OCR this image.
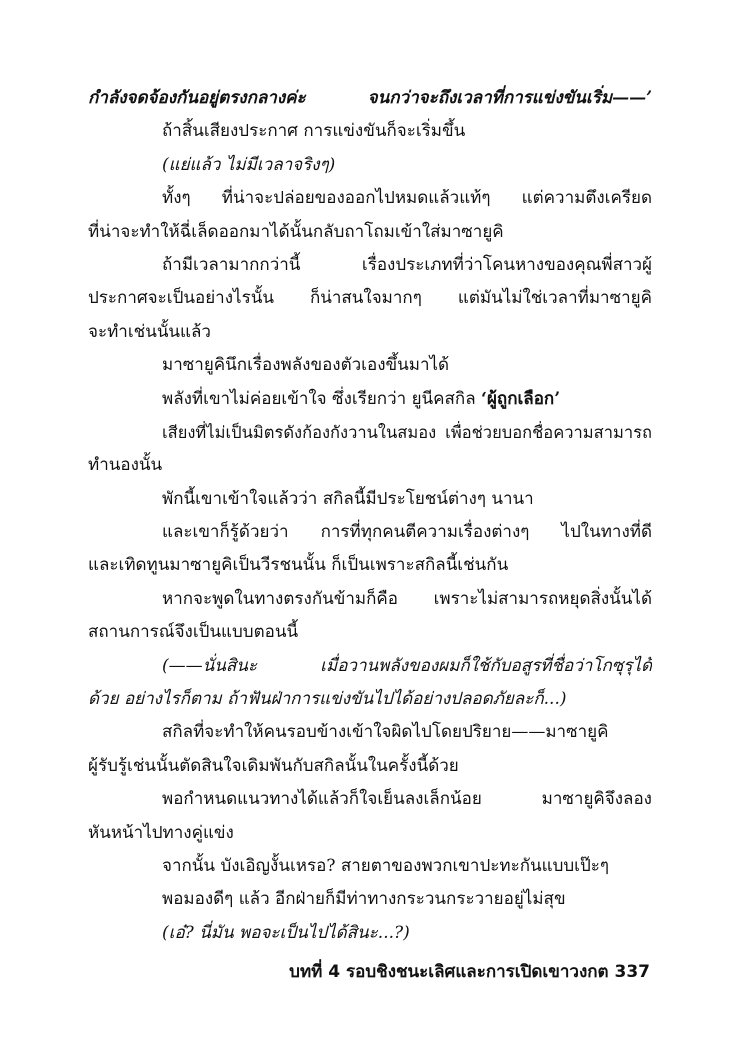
กำลังจดจ้องกันอยู่ตรงกลางค่ะ จนกว่าจะถึงเวลาที่การแข่งขันเริ่ม——’
ถ้าสิ้นเสียงประกาศ การแข่งขันก็จะเริ่มขึ้น
(แย่แล้ว ไม่มีเวลาจริงๆ)
ทั้งๆ ที่น่าจะปล่อยของออกไปหมดแล้วแท้ๆ แต่ความตึงเครียด
ที่น่าจะทำให้ฉี่เล็ดออกมาได้นั้นกลับถาโถมเข้าใส่มาซายูคิ
ถ้ามีเวลามากกว่านี้ เรื่องประเภทที่ว่าโคนหางของคุณพี่สาวผู้
ประกาศจะเป็นอย่างไรนั้น ก็น่าสนใจมากๆ แต่มันไม่ใช่เวลาที่มาซายูคิ
จะทำเช่นนั้นแล้ว
มาซายูคินึกเรื่องพลังของตัวเองขึ้นมาได้
พลังที่เขาไม่ค่อยเข้าใจ ซึ่งเรียกว่า ยูนีคสกิล ‘ผู้ถูกเลือก’
เสียงที่ไม่เป็นมิตรดังก้องกังวานในสมอง เพื่อช่วยบอกชื่อความสามารถ
ทำนองนั้น
พักนี้เขาเข้าใจแล้วว่า สกิลนี้มีประโยชน์ต่างๆ นานา
และเขาก็รู้ด้วยว่า การที่ทุกคนตีความเรื่องต่างๆ ไปในทางที่ดี
และเทิดทูนมาซายูคิเป็นวีรชนนั้น ก็เป็นเพราะสกิลนี้เช่นกัน
หากจะพูดในทางตรงกันข้ามก็คือ เพราะไม่สามารถหยุดสิ่งนั้นได้
สถานการณ์จึงเป็นแบบตอนนี้
(——นั่นสินะ เมื่อวานพลังของผมก็ใช้กับอสูรที่ชื่อว่าโกซุรุได้
ด้วย อย่างไรก็ตาม ถ้าฟันฝ่าการแข่งขันไปได้อย่างปลอดภัยละก็...)
สกิลที่จะทำให้คนรอบข้างเข้าใจผิดไปโดยปริยาย——มาซายูคิ
ผู้รับรู้เช่นนั้นตัดสินใจเดิมพันกับสกิลนั้นในครั้งนี้ด้วย
พอกำหนดแนวทางได้แล้วก็ใจเย็นลงเล็กน้อย มาซายูคิจึงลอง
หันหน้าไปทางคู่แข่ง
จากนั้น บังเอิญงั้นเหรอ? สายตาของพวกเขาปะทะกันแบบเป๊ะๆ
พอมองดีๆ แล้ว อีกฝ่ายก็มีท่าทางกระวนกระวายอยู่ไม่สุข
(เอ๋? นี่มัน พอจะเป็นไปได้สินะ...?)
บทที่ 4 รอบชิงชนะเลิศและการเปิดเขาวงกต 337
